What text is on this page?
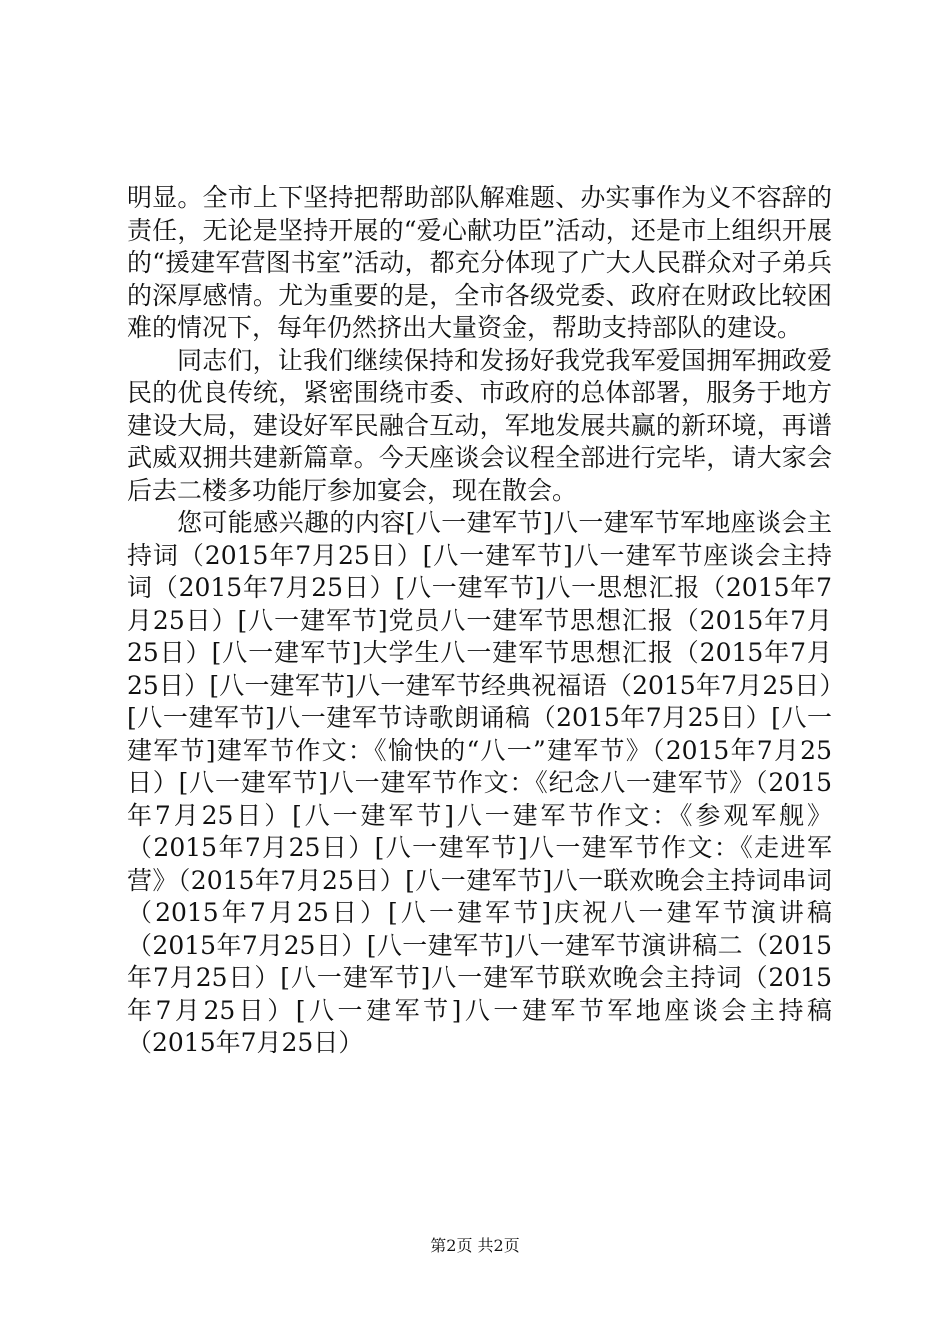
明显。全市上下坚持把帮助部队解难题、办实事作为义不容辞的责任，无论是坚持开展的“爱心献功臣”活动，还是市上组织开展的“援建军营图书室”活动，都充分体现了广大人民群众对子弟兵的深厚感情。尤为重要的是，全市各级党委、政府在财政比较困难的情况下，每年仍然挤出大量资金，帮助支持部队的建设。

同志们，让我们继续保持和发扬好我党我军爱国拥军拥政爱民的优良传统，紧密围绕市委、市政府的总体部署，服务于地方建设大局，建设好军民融合互动，军地发展共赢的新环境，再谱武威双拥共建新篇章。今天座谈会议程全部进行完毕，请大家会后去二楼多功能厅参加宴会，现在散会。

您可能感兴趣的内容[八一建军节]八一建军节军地座谈会主持词（2015年7月25日）[八一建军节]八一建军节座谈会主持词（2015年7月25日）[八一建军节]八一思想汇报（2015年7月25日）[八一建军节]党员八一建军节思想汇报（2015年7月25日）[八一建军节]大学生八一建军节思想汇报（2015年7月25日）[八一建军节]八一建军节经典祝福语（2015年7月25日）[八一建军节]八一建军节诗歌朗诵稿（2015年7月25日）[八一建军节]建军节作文：《愉快的“八一”建军节》（2015年7月25日）[八一建军节]八一建军节作文：《纪念八一建军节》（2015年7月25日）[八一建军节]八一建军节作文：《参观军舰》（2015年7月25日）[八一建军节]八一建军节作文：《走进军营》（2015年7月25日）[八一建军节]八一联欢晚会主持词串词（2015年7月25日）[八一建军节]庆祝八一建军节演讲稿（2015年7月25日）[八一建军节]八一建军节演讲稿二（2015年7月25日）[八一建军节]八一建军节联欢晚会主持词（2015年7月25日）[八一建军节]八一建军节军地座谈会主持稿（2015年7月25日）

第2页 共2页
